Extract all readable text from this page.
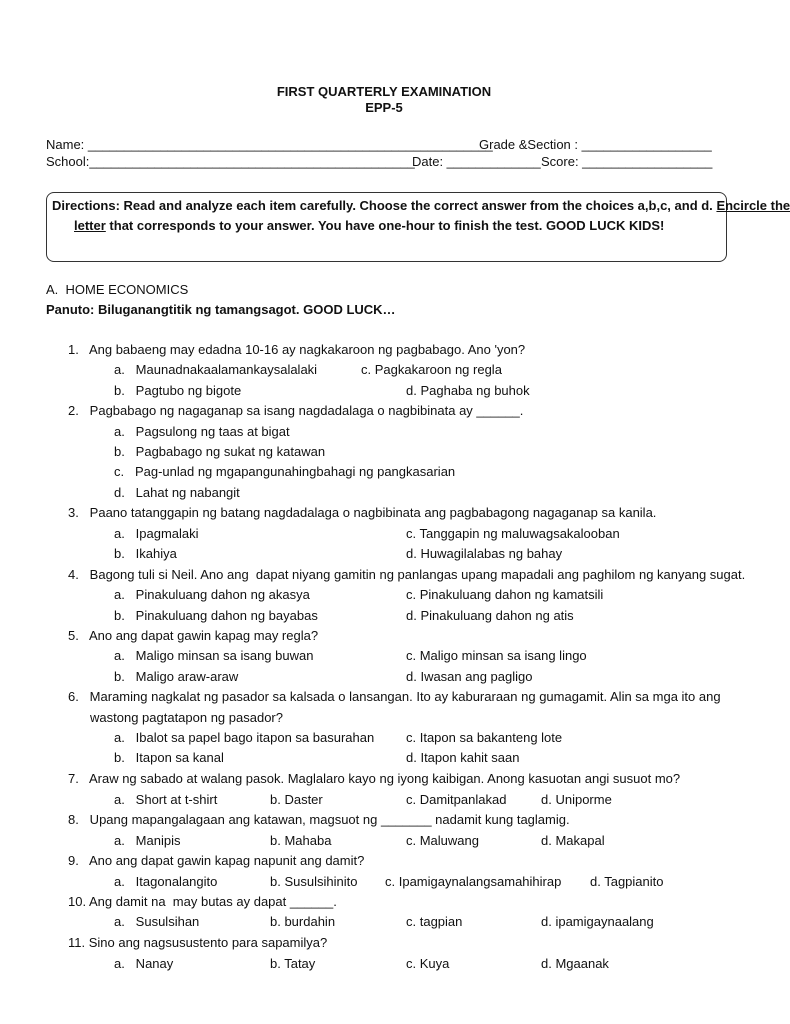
FIRST QUARTERLY EXAMINATION
EPP-5
Name: ________________________________________________________
Grade &Section : __________________
School:_____________________________________________
Date: _____________ Score: __________________
Directions: Read and analyze each item carefully. Choose the correct answer from the choices a,b,c, and d. Encircle the
letter that corresponds to your answer. You have one-hour to finish the test. GOOD LUCK KIDS!
A.  HOME ECONOMICS
Panuto: Biluganangtitik ng tamangsagot. GOOD LUCK…
1.   Ang babaeng may edadna 10-16 ay nagkakaroon ng pagbabago. Ano 'yon?
a.   Maunadnakaalamankaysalalaki	c. Pagkakaroon ng regla
b.   Pagtubo ng bigote	d. Paghaba ng buhok
2.   Pagbabago ng nagaganap sa isang nagdadalaga o nagbibinata ay ______.
a.   Pagsulong ng taas at bigat
b.   Pagbabago ng sukat ng katawan
c.   Pag-unlad ng mgapangunahingbahagi ng pangkasarian
d.   Lahat ng nabangit
3.   Paano tatanggapin ng batang nagdadalaga o nagbibinata ang pagbabagong nagaganap sa kanila.
a.   Ipagmalaki	c. Tanggapin ng maluwagsakalooban
b.   Ikahiya	d. Huwagilalabas ng bahay
4.   Bagong tuli si Neil. Ano ang  dapat niyang gamitin ng panlangas upang mapadali ang paghilom ng kanyang sugat.
a.   Pinakuluang dahon ng akasya	c. Pinakuluang dahon ng kamatsili
b.   Pinakuluang dahon ng bayabas	d. Pinakuluang dahon ng atis
5.   Ano ang dapat gawin kapag may regla?
a.   Maligo minsan sa isang buwan	c. Maligo minsan sa isang lingo
b.   Maligo araw-araw	d. Iwasan ang pagligo
6.   Maraming nagkalat ng pasador sa kalsada o lansangan. Ito ay kaburaraan ng gumagamit. Alin sa mga ito ang
wastong pagtatapon ng pasador?
a.   Ibalot sa papel bago itapon sa basurahan c. Itapon sa bakanteng lote
b.   Itapon sa kanal	d. Itapon kahit saan
7.   Araw ng sabado at walang pasok. Maglalaro kayo ng iyong kaibigan. Anong kasuotan angi susuot mo?
a.   Short at t-shirt	b. Daster	c. Damitpanlakad	d. Uniporme
8.   Upang mapangalagaan ang katawan, magsuot ng _______ nadamit kung taglamig.
a.   Manipis	b. Mahaba	c. Maluwang	d. Makapal
9.   Ano ang dapat gawin kapag napunit ang damit?
a.   Itagonalangito	b. Susulsihinito c. Ipamigaynalangsamahihirap d. Tagpianito
10. Ang damit na  may butas ay dapat ______.
a.   Susulsihan	b. burdahin	c. tagpian	d. ipamigaynaalang
11. Sino ang nagsusustento para sapamilya?
a.   Nanay	b. Tatay	c. Kuya	d. Mgaanak
